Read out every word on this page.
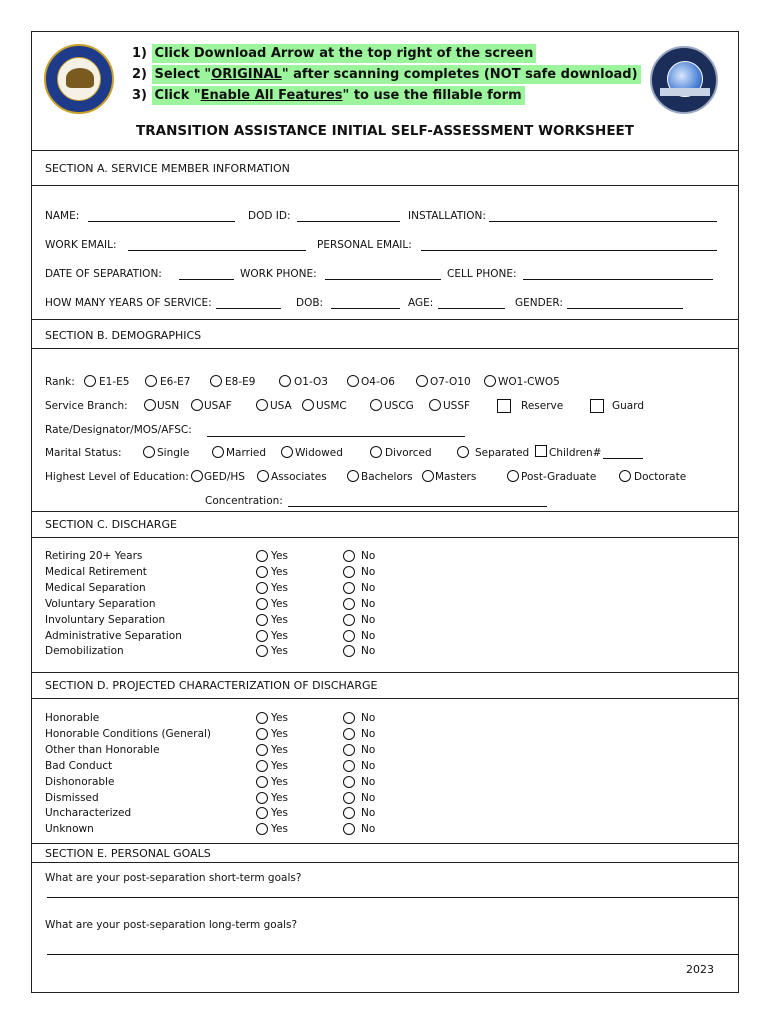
1) Click Download Arrow at the top right of the screen
2) Select "ORIGINAL" after scanning completes (NOT safe download)
3) Click "Enable All Features" to use the fillable form
TRANSITION ASSISTANCE INITIAL SELF-ASSESSMENT WORKSHEET
SECTION A. SERVICE MEMBER INFORMATION
NAME:	DOD ID:	INSTALLATION:
WORK EMAIL:	PERSONAL EMAIL:
DATE OF SEPARATION:	WORK PHONE:	CELL PHONE:
HOW MANY YEARS OF SERVICE:	DOB:	AGE:	GENDER:
SECTION B. DEMOGRAPHICS
Rank: E1-E5	E6-E7	E8-E9	O1-O3	O4-O6	O7-O10	WO1-CWO5
Service Branch:	USN USAF	USA USMC	USCG	USSF	Reserve	Guard
Rate/Designator/MOS/AFSC:
Marital Status:	Single	Married	Widowed	Divorced	Separated Children#
Highest Level of Education: GED/HS Associates	Bachelors Masters	Post-Graduate	Doctorate
Concentration:
SECTION C. DISCHARGE
Retiring 20+ Years	Yes	No
Medical Retirement	Yes	No
Medical Separation	Yes	No
Voluntary Separation	Yes	No
Involuntary Separation	Yes	No
Administrative Separation	Yes	No
Demobilization	Yes	No
SECTION D. PROJECTED CHARACTERIZATION OF DISCHARGE
Honorable	Yes	No
Honorable Conditions (General)	Yes	No
Other than Honorable	Yes	No
Bad Conduct	Yes	No
Dishonorable	Yes	No
Dismissed	Yes	No
Uncharacterized	Yes	No
Unknown	Yes	No
SECTION E. PERSONAL GOALS
What are your post-separation short-term goals?
What are your post-separation long-term goals?
2023
